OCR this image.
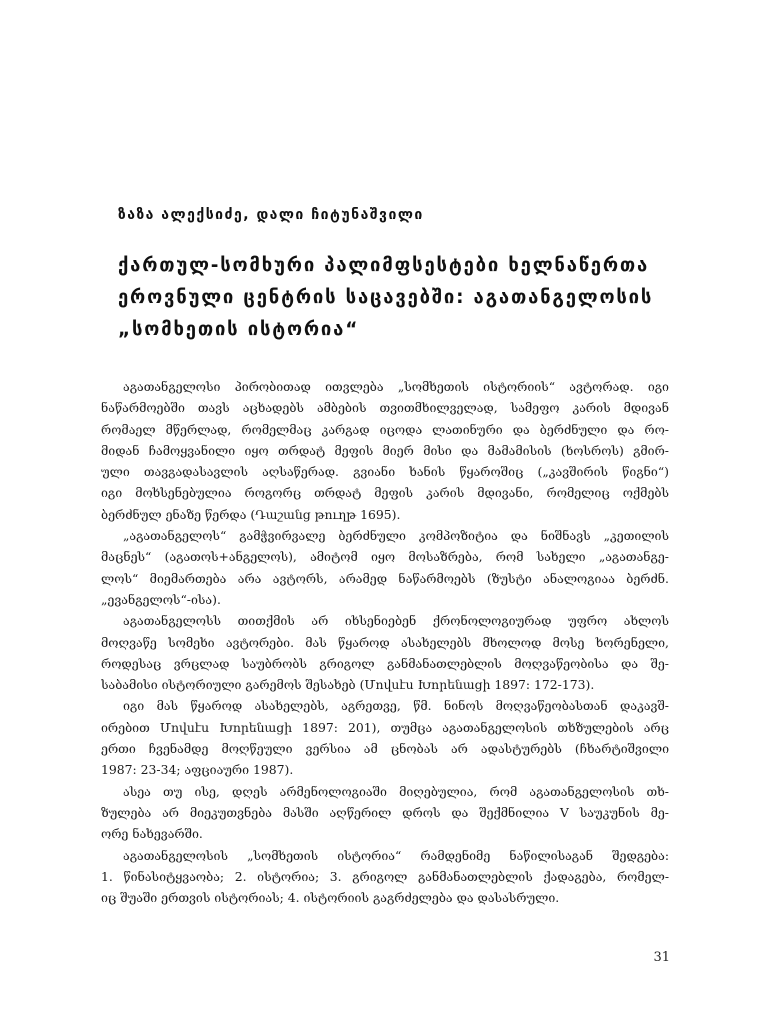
ზაზა ალექსიძე, დალი ჩიტუნაშვილი
ქართულ-სომხური პალიმფსესტები ხელნაწერთა
ეროვნული ცენტრის საცავებში: აგათანგელოსის
„სომხეთის ისტორია“
აგათანგელოსი პირობითად ითვლება „სომხეთის ისტორიის“ ავტორად. იგი
ნაწარმოებში თავს აცხადებს ამბების თვითმხილველად, სამეფო კარის მდივან
რომაელ მწერლად, რომელმაც კარგად იცოდა ლათინური და ბერძნული და რო-
მიდან ჩამოყვანილი იყო თრდატ მეფის მიერ მისი და მამამისის (ხოსროს) გმირ-
ული თავგადასავლის აღსაწერად. გვიანი ხანის წყაროშიც („კავშირის წიგნი“)
იგი მოხსენებულია როგორც თრდატ მეფის კარის მდივანი, რომელიც ოქმებს
ბერძნულ ენაზე წერდა (Դաշանց թուղթ 1695).
„აგათანგელოს“ გამჭვირვალე ბერძნული კომპოზიტია და ნიშნავს „კეთილის
მაცნეს“ (აგათოს+ანგელოს), ამიტომ იყო მოსაზრება, რომ სახელი „აგათანგე-
ლოს“ მიემართება არა ავტორს, არამედ ნაწარმოებს (ზუსტი ანალოგიაა ბერძნ.
„ევანგელოს“-ისა).
აგათანგელოსს თითქმის არ იხსენიებენ ქრონოლოგიურად უფრო ახლოს
მოღვაწე სომეხი ავტორები. მას წყაროდ ასახელებს მხოლოდ მოსე ხორენელი,
როდესაც ვრცლად საუბრობს გრიგოლ განმანათლებლის მოღვაწეობისა და შე-
საბამისი ისტორიული გარემოს შესახებ (Մովսէս Խորենացի 1897: 172-173).
იგი მას წყაროდ ასახელებს, აგრეთვე, წმ. ნინოს მოღვაწეობასთან დაკავშ-
ირებით Մովսէս Խորենացի 1897: 201), თუმცა აგათანგელოსის თხზულების არც
ერთი ჩვენამდე მოღწეული ვერსია ამ ცნობას არ ადასტურებს (ჩხარტიშვილი
1987: 23-34; აფციაური 1987).
ასეა თუ ისე, დღეს არმენოლოგიაში მიღებულია, რომ აგათანგელოსის თხ-
ზულება არ მიეკუთვნება მასში აღწერილ დროს და შექმნილია V საუკუნის მე-
ორე ნახევარში.
აგათანგელოსის „სომხეთის ისტორია“ რამდენიმე ნაწილისაგან შედგება:
1. წინასიტყვაობა; 2. ისტორია; 3. გრიგოლ განმანათლებლის ქადაგება, რომელ-
იც შუაში ერთვის ისტორიას; 4. ისტორიის გაგრძელება და დასასრული.
31
